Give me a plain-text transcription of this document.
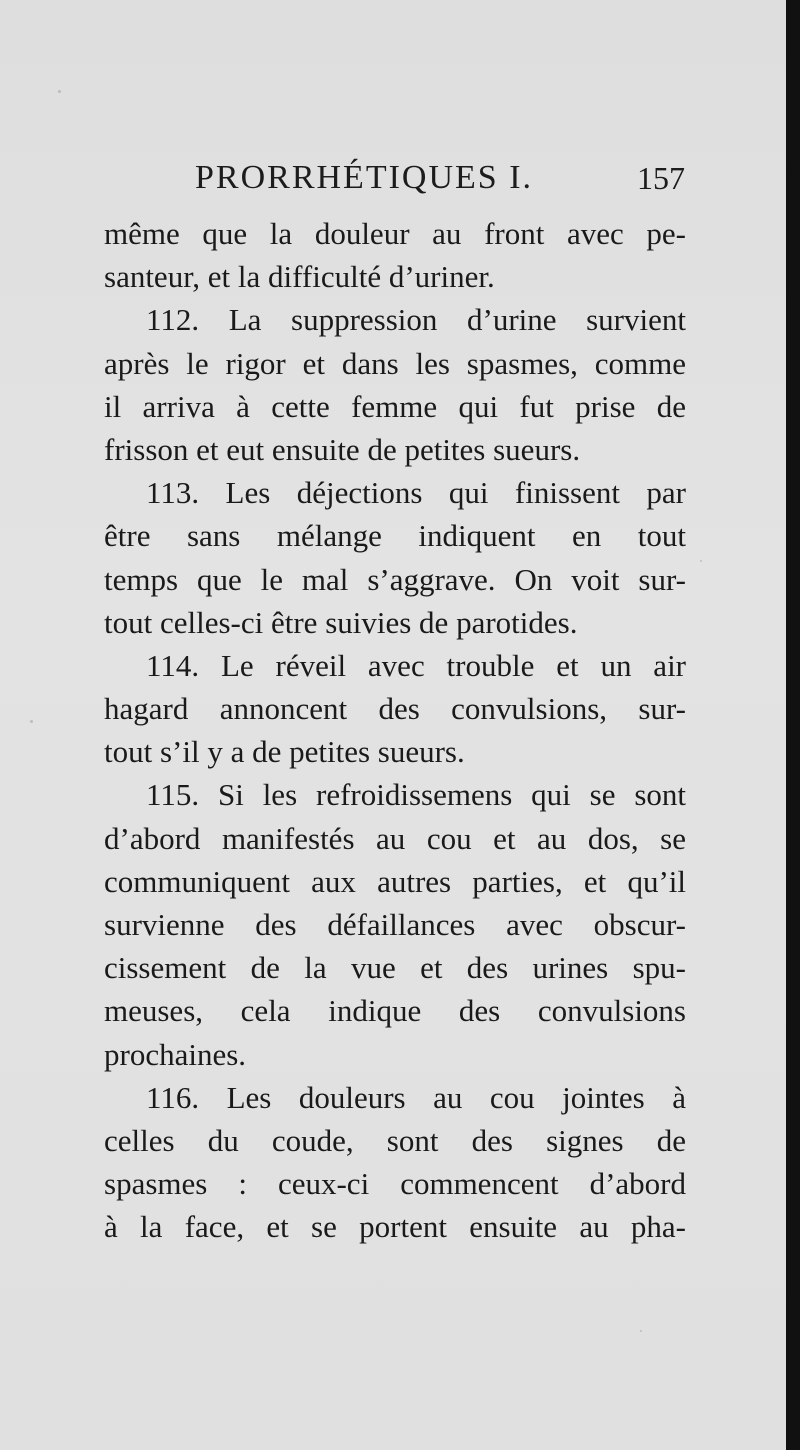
PRORRHÉTIQUES I.	157
même que la douleur au front avec pe-
santeur, et la difficulté d’uriner.
112. La suppression d’urine survient
après le rigor et dans les spasmes, comme
il arriva à cette femme qui fut prise de
frisson et eut ensuite de petites sueurs.
113. Les déjections qui finissent par
être sans mélange indiquent en tout
temps que le mal s’aggrave. On voit sur-
tout celles-ci être suivies de parotides.
114. Le réveil avec trouble et un air
hagard annoncent des convulsions, sur-
tout s’il y a de petites sueurs.
115. Si les refroidissemens qui se sont
d’abord manifestés au cou et au dos, se
communiquent aux autres parties, et qu’il
survienne des défaillances avec obscur-
cissement de la vue et des urines spu-
meuses, cela indique des convulsions
prochaines.
116. Les douleurs au cou jointes à
celles du coude, sont des signes de
spasmes : ceux-ci commencent d’abord
à la face, et se portent ensuite au pha-
